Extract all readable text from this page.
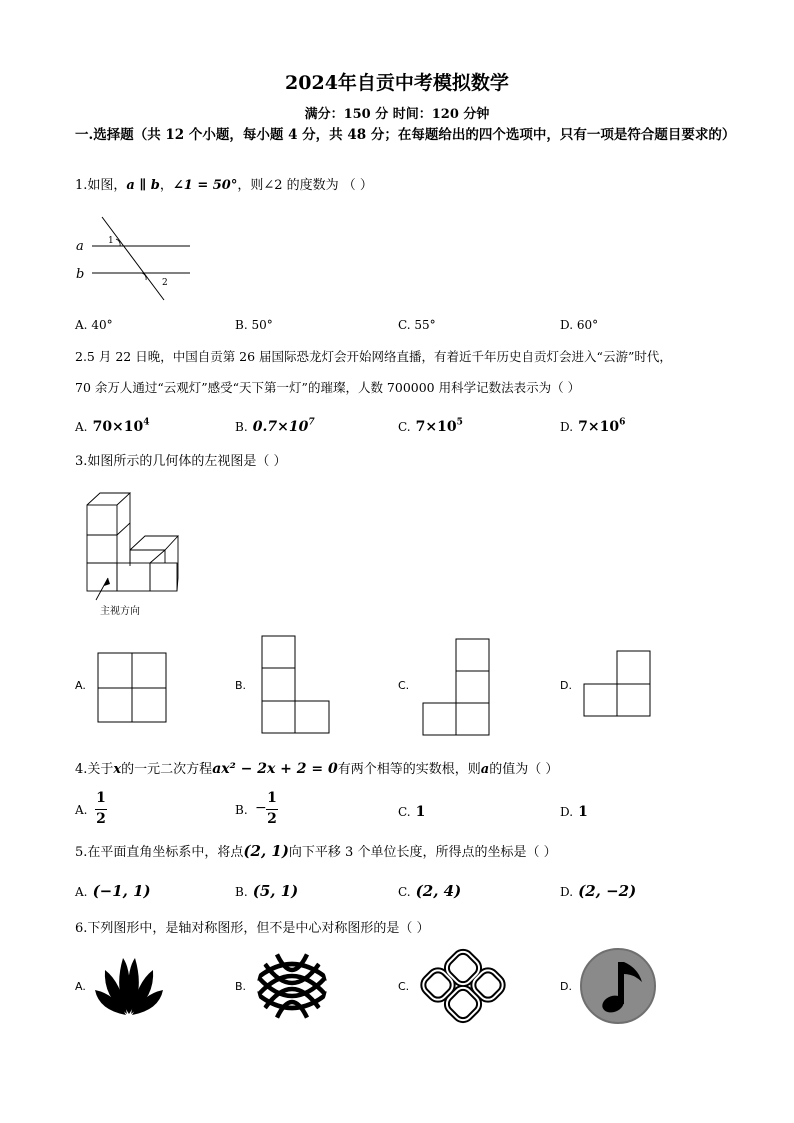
2024年自贡中考模拟数学
满分：150 分 时间：120 分钟
一.选择题（共 12 个小题，每小题 4 分，共 48 分；在每题给出的四个选项中，只有一项是符合题目要求的）
1.如图，a ∥ b，∠1 = 50°，则∠2 的度数为 （ ）
a
b
1
2
A. 40°	B. 50°	C. 55°	D. 60°
2.5 月 22 日晚，中国自贡第 26 届国际恐龙灯会开始网络直播，有着近千年历史自贡灯会进入“云游”时代，
70 余万人通过“云观灯”感受“天下第一灯”的璀璨，人数 700000 用科学记数法表示为（ ）
A. $70\times 10^4$	B. $0.7\times 10^7$	C. $7\times 10^5$	D. $7\times 10^6$
3.如图所示的几何体的左视图是（ ）
主视方向
A.	B.	C.	D.
4.关于x的一元二次方程ax² − 2x + 2 = 0有两个相等的实数根，则a的值为（ ）
A.
1
2
B. −
1
2	C. 1	D. 1
5.在平面直角坐标系中，将点(2, 1)向下平移 3 个单位长度，所得点的坐标是（ ）
A. (−1, 1)	B. (5, 1)	C. (2, 4)	D. (2, −2)
6.下列图形中，是轴对称图形，但不是中心对称图形的是（ ）
A.	B.	C.	D.
